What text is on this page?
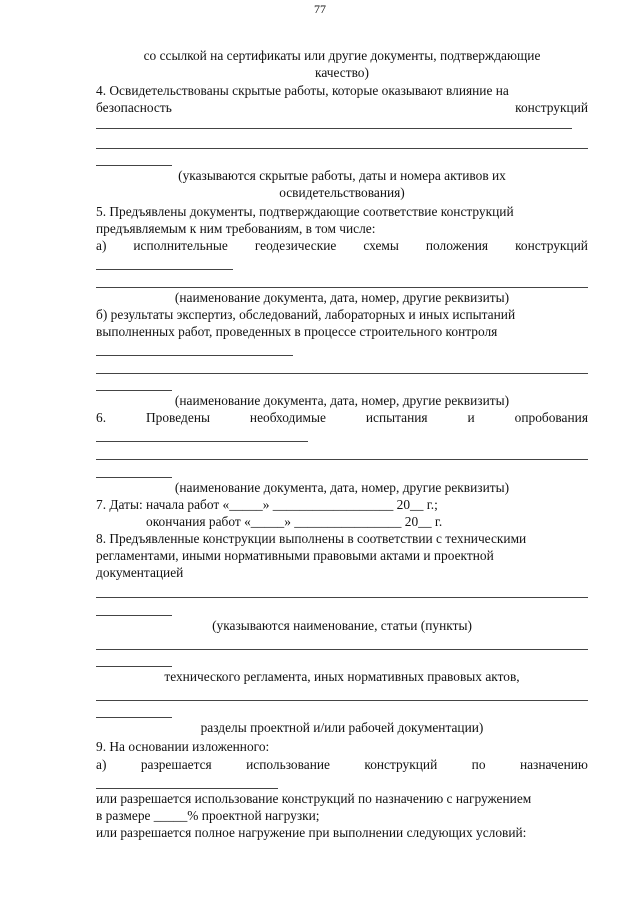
77
со ссылкой на сертификаты или другие документы, подтверждающие
качество)
4. Освидетельствованы скрытые работы, которые оказывают влияние на
безопасность	конструкций
(указываются скрытые работы, даты и номера активов их
освидетельствования)
5. Предъявлены документы, подтверждающие соответствие конструкций
предъявляемым к ним требованиям, в том числе:
а) исполнительные геодезические схемы положения конструкций
(наименование документа, дата, номер, другие реквизиты)
б) результаты экспертиз, обследований, лабораторных и иных испытаний
выполненных работ, проведенных в процессе строительного контроля
(наименование документа, дата, номер, другие реквизиты)
6.	Проведены	необходимые	испытания	и	опробования
(наименование документа, дата, номер, другие реквизиты)
7. Даты: начала работ «_____» __________________ 20__ г.;
окончания работ «_____» ________________ 20__ г.
8. Предъявленные конструкции выполнены в соответствии с техническими
регламентами, иными нормативными правовыми актами и проектной
документацией
(указываются наименование, статьи (пункты)
технического регламента, иных нормативных правовых актов,
разделы проектной и/или рабочей документации)
9. На основании изложенного:
а)	разрешается	использование	конструкций	по	назначению
или разрешается использование конструкций по назначению с нагружением
в размере _____% проектной нагрузки;
или разрешается полное нагружение при выполнении следующих условий:
